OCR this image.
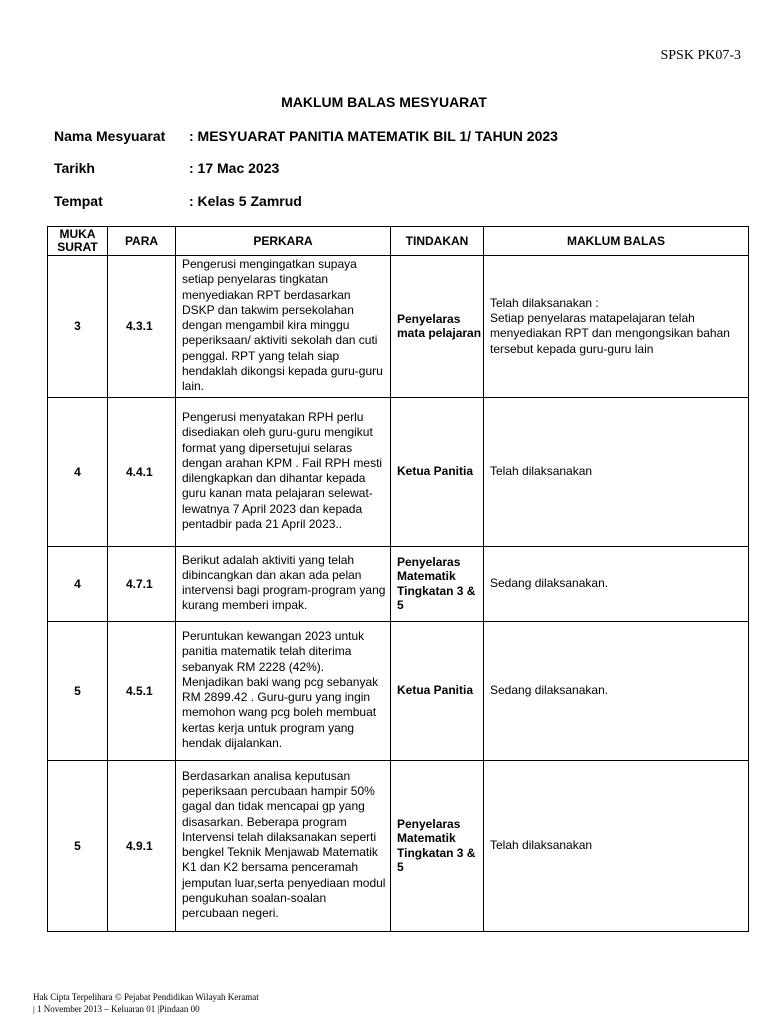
SPSK PK07-3
MAKLUM BALAS MESYUARAT
Nama Mesyuarat : MESYUARAT PANITIA MATEMATIK BIL 1/ TAHUN 2023
Tarikh	: 17 Mac 2023
Tempat	: Kelas 5 Zamrud
MUKA
SURAT	PARA	PERKARA	TINDAKAN	MAKLUM BALAS
3	4.3.1	Pengerusi mengingatkan supaya setiap penyelaras tingkatan menyediakan RPT berdasarkan DSKP dan takwim persekolahan dengan mengambil kira minggu peperiksaan/ aktiviti sekolah dan cuti penggal. RPT yang telah siap hendaklah dikongsi kepada guru-guru lain.	Penyelaras mata pelajaran	Telah dilaksanakan :
Setiap penyelaras matapelajaran telah menyediakan RPT dan mengongsikan bahan tersebut kepada guru-guru lain
4	4.4.1	Pengerusi menyatakan RPH perlu disediakan oleh guru-guru mengikut format yang dipersetujui selaras dengan arahan KPM . Fail RPH mesti dilengkapkan dan dihantar kepada guru kanan mata pelajaran selewat-lewatnya 7 April 2023 dan kepada pentadbir pada 21 April 2023..	Ketua Panitia	Telah dilaksanakan
4	4.7.1	Berikut adalah aktiviti yang telah dibincangkan dan akan ada pelan intervensi bagi program-program yang kurang memberi impak.	Penyelaras Matematik Tingkatan 3 & 5	Sedang dilaksanakan.
5	4.5.1	Peruntukan kewangan 2023 untuk panitia matematik telah diterima sebanyak RM 2228 (42%). Menjadikan baki wang pcg sebanyak RM 2899.42 . Guru-guru yang ingin memohon wang pcg boleh membuat kertas kerja untuk program yang hendak dijalankan.	Ketua Panitia	Sedang dilaksanakan.
5	4.9.1	Berdasarkan analisa keputusan peperiksaan percubaan hampir 50% gagal dan tidak mencapai gp yang disasarkan. Beberapa program Intervensi telah dilaksanakan seperti bengkel Teknik Menjawab Matematik K1 dan K2 bersama penceramah jemputan luar,serta penyediaan modul pengukuhan soalan-soalan percubaan negeri.	Penyelaras Matematik Tingkatan 3 & 5	Telah dilaksanakan
Hak Cipta Terpelihara © Pejabat Pendidikan Wilayah Keramat
| 1 November 2013 – Keluaran 01 |Pindaan 00
